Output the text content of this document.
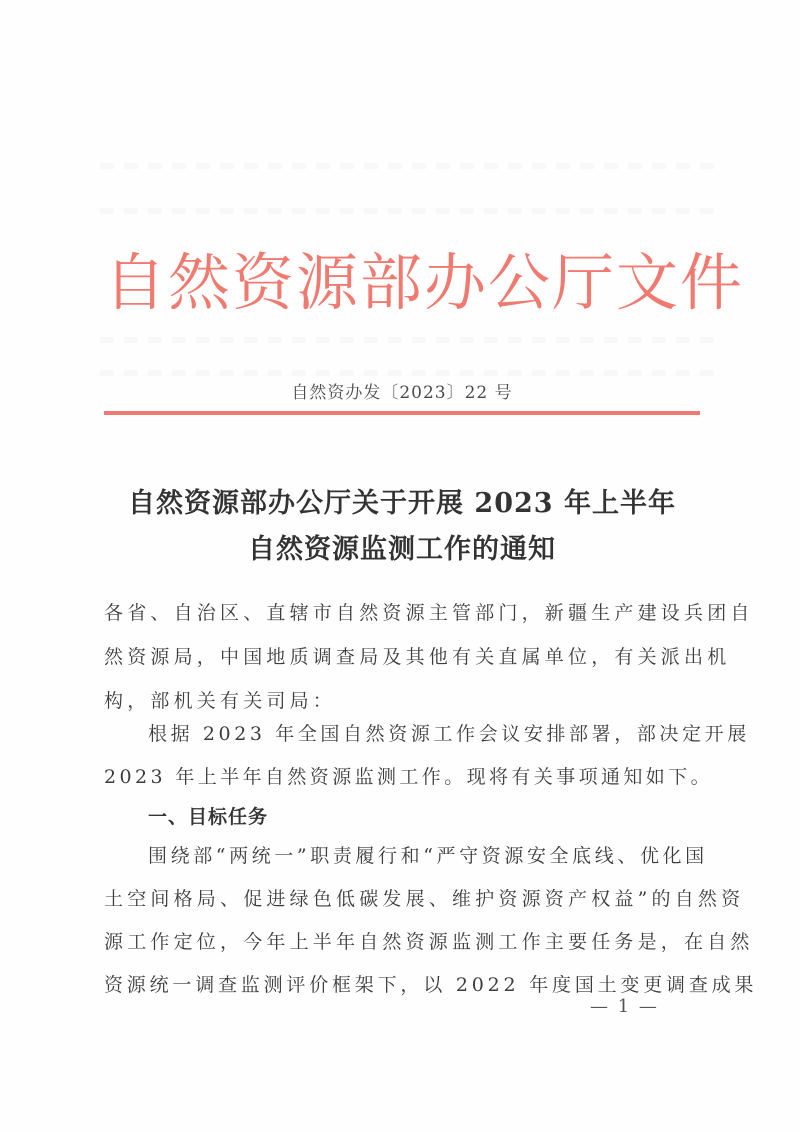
自然资源部办公厅文件
自然资办发〔2023〕22 号
自然资源部办公厅关于开展 2023 年上半年
自然资源监测工作的通知
各省、自治区、直辖市自然资源主管部门，新疆生产建设兵团自
然资源局，中国地质调查局及其他有关直属单位，有关派出机
构，部机关有关司局：
根据 2023 年全国自然资源工作会议安排部署，部决定开展
2023 年上半年自然资源监测工作。现将有关事项通知如下。
一、目标任务
围绕部“两统一”职责履行和“严守资源安全底线、优化国
土空间格局、促进绿色低碳发展、维护资源资产权益”的自然资
源工作定位，今年上半年自然资源监测工作主要任务是，在自然
资源统一调查监测评价框架下，以 2022 年度国土变更调查成果
— 1 —
